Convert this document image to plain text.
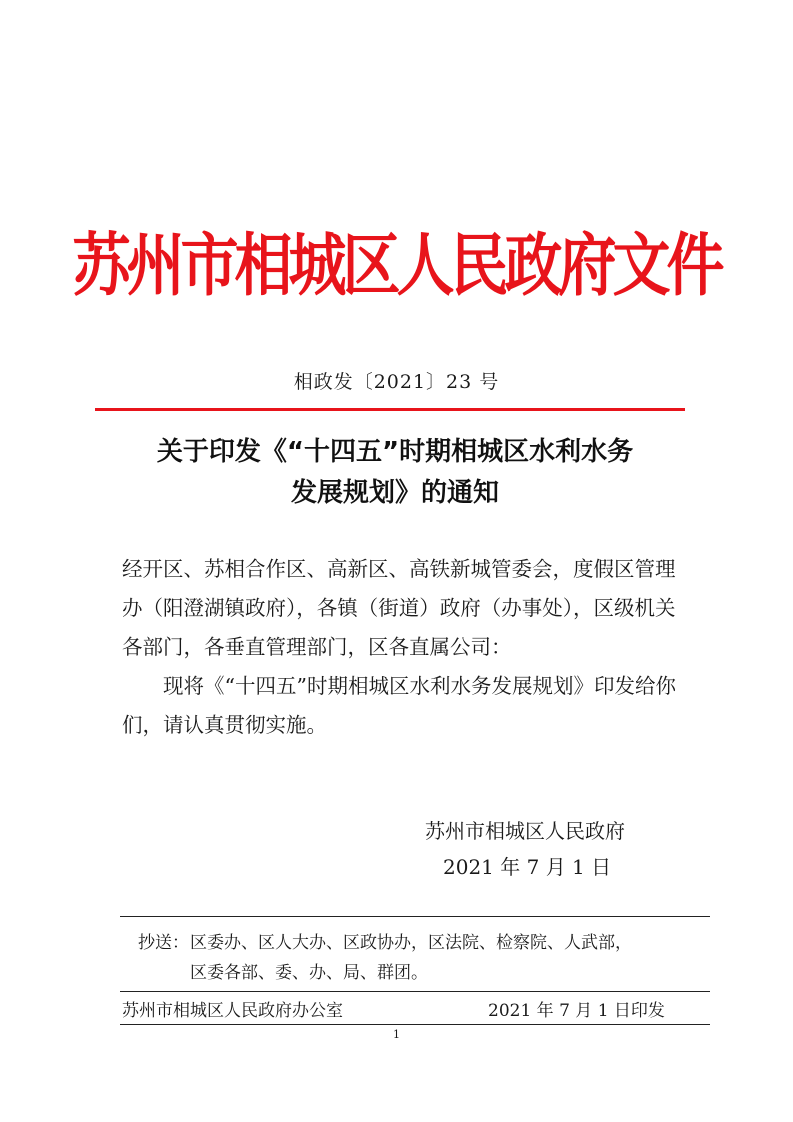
苏州市相城区人民政府文件
相政发〔2021〕23 号
关于印发《“十四五”时期相城区水利水务
发展规划》的通知

经开区、苏相合作区、高新区、高铁新城管委会，度假区管理办（阳澄湖镇政府），各镇（街道）政府（办事处），区级机关各部门，各垂直管理部门，区各直属公司：

现将《“十四五”时期相城区水利水务发展规划》印发给你们，请认真贯彻实施。

苏州市相城区人民政府
2021 年 7 月 1 日
抄送：区委办、区人大办、区政协办，区法院、检察院、人武部，
区委各部、委、办、局、群团。
苏州市相城区人民政府办公室	2021 年 7 月 1 日印发
1
